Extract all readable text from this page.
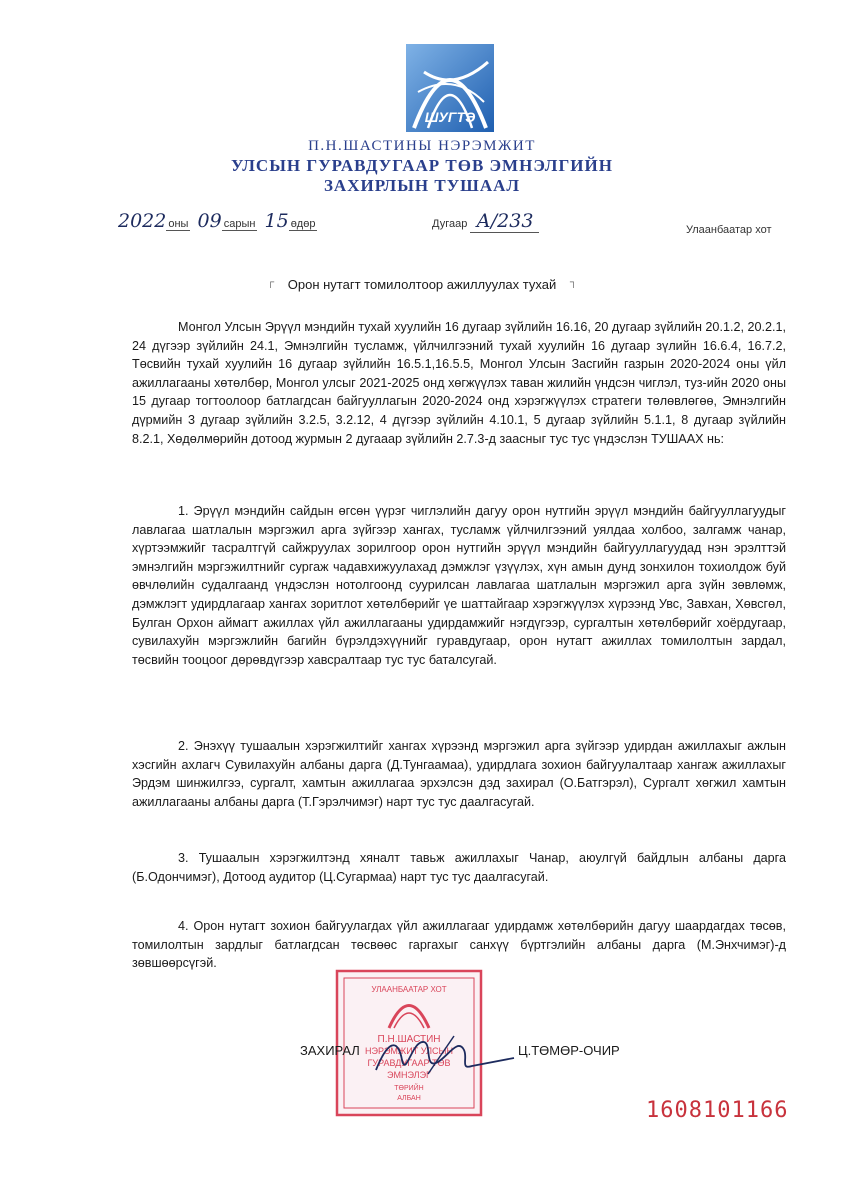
ШУГТЭ
П.Н.ШАСТИНЫ НЭРЭМЖИТ
УЛСЫН ГУРАВДУГААР ТӨВ ЭМНЭЛГИЙН
ЗАХИРЛЫН ТУШААЛ
2022 оны 09 сарын 15 өдөр	Дугаар А/233	Улаанбаатар хот
┌ Орон нутагт томилолтоор ажиллуулах тухай ┐
Монгол Улсын Эрүүл мэндийн тухай хуулийн 16 дугаар зүйлийн 16.16, 20 дугаар зүйлийн 20.1.2, 20.2.1, 24 дүгээр зүйлийн 24.1, Эмнэлгийн тусламж, үйлчилгээний тухай хуулийн 16 дугаар зүлийн 16.6.4, 16.7.2, Төсвийн тухай хуулийн 16 дугаар зүйлийн 16.5.1,16.5.5, Монгол Улсын Засгийн газрын 2020-2024 оны үйл ажиллагааны хөтөлбөр, Монгол улсыг 2021-2025 онд хөгжүүлэх таван жилийн үндсэн чиглэл, туз-ийн 2020 оны 15 дугаар тогтоолоор батлагдсан байгууллагын 2020-2024 онд хэрэгжүүлэх стратеги төлөвлөгөө, Эмнэлгийн дүрмийн 3 дугаар зүйлийн 3.2.5, 3.2.12, 4 дүгээр зүйлийн 4.10.1, 5 дугаар зүйлийн 5.1.1, 8 дугаар зүйлийн 8.2.1, Хөдөлмөрийн дотоод журмын 2 дугааар зүйлийн 2.7.3-д заасныг тус тус үндэслэн ТУШААХ нь:
1. Эрүүл мэндийн сайдын өгсөн үүрэг чиглэлийн дагуу орон нутгийн эрүүл мэндийн байгууллагуудыг лавлагаа шатлалын мэргэжил арга зүйгээр хангах, тусламж үйлчилгээний уялдаа холбоо, залгамж чанар, хүртээмжийг тасралтгүй сайжруулах зорилгоор орон нутгийн эрүүл мэндийн байгууллагуудад нэн эрэлттэй эмнэлгийн мэргэжилтнийг сургаж чадавхижуулахад дэмжлэг үзүүлэх, хүн амын дунд зонхилон тохиолдож буй өвчлөлийн судалгаанд үндэслэн нотолгоонд суурилсан лавлагаа шатлалын мэргэжил арга зүйн зөвлөмж, дэмжлэгт удирдлагаар хангах зоритлот хөтөлбөрийг үе шаттайгаар хэрэгжүүлэх хүрээнд Увс, Завхан, Хөвсгөл, Булган Орхон аймагт ажиллах үйл ажиллагааны удирдамжийг нэгдүгээр, сургалтын хөтөлбөрийг хоёрдугаар, сувилахуйн мэргэжлийн багийн бүрэлдэхүүнийг гуравдугаар, орон нутагт ажиллах томилолтын зардал, төсвийн тооцоог дөрөвдүгээр хавсралтаар тус тус баталсугай.
2. Энэхүү тушаалын хэрэгжилтийг хангах хүрээнд мэргэжил арга зүйгээр удирдан ажиллахыг ажлын хэсгийн ахлагч Сувилахуйн албаны дарга (Д.Тунгаамаа), удирдлага зохион байгуулалтаар хангаж ажиллахыг Эрдэм шинжилгээ, сургалт, хамтын ажиллагаа эрхэлсэн дэд захирал (О.Батгэрэл), Сургалт хөгжил хамтын ажиллагааны албаны дарга (Т.Гэрэлчимэг) нарт тус тус даалгасугай.
3. Тушаалын хэрэгжилтэнд хяналт тавьж ажиллахыг Чанар, аюулгүй байдлын албаны дарга (Б.Одончимэг), Дотоод аудитор (Ц.Сугармаа) нарт тус тус даалгасугай.
4. Орон нутагт зохион байгуулагдах үйл ажиллагааг удирдамж хөтөлбөрийн дагуу шаардагдах төсөв, томилолтын зардлыг батлагдсан төсвөөс гаргахыг санхүү бүртгэлийн албаны дарга (М.Энхчимэг)-д зөвшөөрсүгэй.
УЛААНБААТАР ХОТ
П.Н.ШАСТИН
НЭРЭМЖИТ УЛСЫН
ГУРАВДУГААР ТӨВ
ЭМНЭЛЭГ
ТӨРИЙН
АЛБАН
ЗАХИРАЛ	Ц.ТӨМӨР-ОЧИР
1608101166
